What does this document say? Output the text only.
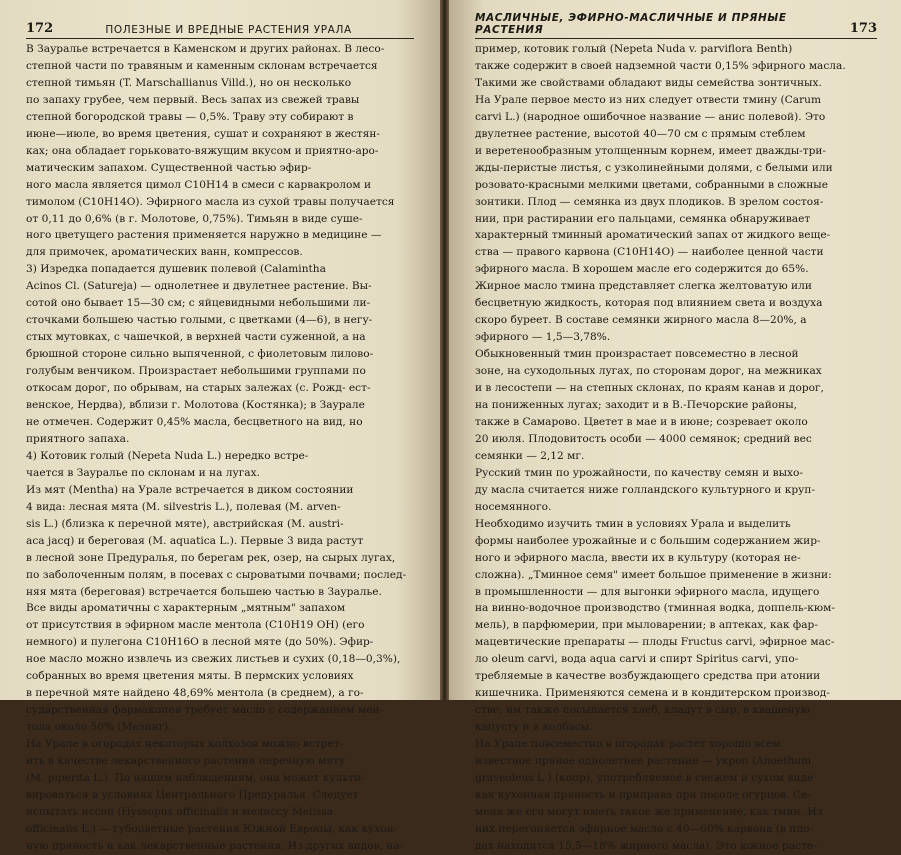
172	ПОЛЕЗНЫЕ И ВРЕДНЫЕ РАСТЕНИЯ УРАЛА
В Зауралье встречается в Каменском и других районах. В лесо-
степной части по травяным и каменным склонам встречается
степной тимьян (T. Marschallianus Villd.), но он несколько
по запаху грубее, чем первый. Весь запах из свежей травы
степной богородской травы — 0,5%. Траву эту собирают в
июне—июле, во время цветения, сушат и сохраняют в жестян-
ках; она обладает горьковато-вяжущим вкусом и приятно-аро-
матическим запахом. Существенной частью эфир-
ного масла является цимол C10H14 в смеси с карвакролом и
тимолом (C10H14O). Эфирного масла из сухой травы получается
от 0,11 до 0,6% (в г. Молотове, 0,75%). Тимьян в виде суше-
ного цветущего растения применяется наружно в медицине —
для примочек, ароматических ванн, компрессов.
3) Изредка попадается душевик полевой (Calamintha
Acinos Cl. (Satureja) — однолетнее и двулетнее растение. Вы-
сотой оно бывает 15—30 см; с яйцевидными небольшими ли-
сточками большею частью голыми, с цветками (4—6), в негу-
стых мутовках, с чашечкой, в верхней части суженной, а на
брюшной стороне сильно выпяченной, с фиолетовым лилово-
голубым венчиком. Произрастает небольшими группами по
откосам дорог, по обрывам, на старых залежах (с. Рожд- ест-
венское, Нердва), вблизи г. Молотова (Костянка); в Заурале
не отмечен. Содержит 0,45% масла, бесцветного на вид, но
приятного запаха.
4) Котовик голый (Nepeta Nuda L.) нередко встре-
чается в Зауралье по склонам и на лугах.
Из мят (Mentha) на Урале встречается в диком состоянии
4 вида: лесная мята (M. silvestris L.), полевая (M. arven-
sis L.) (близка к перечной мяте), австрийская (M. austri-
aca jacq) и береговая (M. aquatica L.). Первые 3 вида растут
в лесной зоне Предуралья, по берегам рек, озер, на сырых лугах,
по заболоченным полям, в посевах с сыроватыми почвами; послед-
няя мята (береговая) встречается большею частью в Зауралье.
Все виды ароматичны с характерным „мятным" запахом
от присутствия в эфирном масле ментола (C10H19 OH) (его
немного) и пулегона C10H16O в лесной мяте (до 50%). Эфир-
ное масло можно извлечь из свежих листьев и сухих (0,18—0,3%),
собранных во время цветения мяты. В пермских условиях
в перечной мяте найдено 48,69% ментола (в среднем), а го-
сударственная фармакопея требует масло с содержанием мен-
тола около 50% (Мезинг).
На Урале в огородах некоторых колхозов можно встрет-
ить в качестве лекарственного растения перечную мяту
(M. piperita L.). По нашим наблюдениям, она может культи-
вироваться в условиях Центрального Предуралья. Следует
испытать иссоп (Hyssopus officinalis и мелиссу Melissa
officinalis L.) — губоцветные растения Южной Европы, как кухон-
ную пряность и как лекарственные растения. Из других видов, на-
МАСЛИЧНЫЕ, ЭФИРНО-МАСЛИЧНЫЕ И ПРЯНЫЕ РАСТЕНИЯ	173
пример, котовик голый (Nepeta Nuda v. parviflora Benth)
также содержит в своей надземной части 0,15% эфирного масла.
Такими же свойствами обладают виды семейства зонтичных.
На Урале первое место из них следует отвести тмину (Carum
carvi L.) (народное ошибочное название — анис полевой). Это
двулетнее растение, высотой 40—70 см с прямым стеблем
и веретенообразным утолщенным корнем, имеет дважды-три-
жды-перистые листья, с узколинейными долями, с белыми или
розовато-красными мелкими цветами, собранными в сложные
зонтики. Плод — семянка из двух плодиков. В зрелом состоя-
нии, при растирании его пальцами, семянка обнаруживает
характерный тминный ароматический запах от жидкого веще-
ства — правого карвона (C10H14O) — наиболее ценной части
эфирного масла. В хорошем масле его содержится до 65%.
Жирное масло тмина представляет слегка желтоватую или
бесцветную жидкость, которая под влиянием света и воздуха
скоро буреет. В составе семянки жирного масла 8—20%, а
эфирного — 1,5—3,78%.
Обыкновенный тмин произрастает повсеместно в лесной
зоне, на суходольных лугах, по сторонам дорог, на межниках
и в лесостепи — на степных склонах, по краям канав и дорог,
на пониженных лугах; заходит и в В.-Печорские районы,
также в Самарово. Цветет в мае и в июне; созревает около
20 июля. Плодовитость особи — 4000 семянок; средний вес
семянки — 2,12 мг.
Русский тмин по урожайности, по качеству семян и выхо-
ду масла считается ниже голландского культурного и круп-
носемянного.
Необходимо изучить тмин в условиях Урала и выделить
формы наиболее урожайные и с большим содержанием жир-
ного и эфирного масла, ввести их в культуру (которая не-
сложна). „Тминное семя" имеет большое применение в жизни:
в промышленности — для выгонки эфирного масла, идущего
на винно-водочное производство (тминная водка, доппель-кюм-
мель), в парфюмерии, при мыловарении; в аптеках, как фар-
мацевтические препараты — плоды Fructus carvi, эфирное мас-
ло oleum carvi, вода aqua carvi и спирт Spiritus carvi, упо-
требляемые в качестве возбуждающего средства при атонии
кишечника. Применяются семена и в кондитерском производ-
стве; им также посыпается хлеб, кладут в сыр, в квашеную
капусту и в колбасы.
На Урале повсеместно в огородах растет хорошо всем
известное пряное однолетнее растение — укроп (Anoethum
graveolens L.) (копр), употребляемое в свежем и сухом виде
как кухонная пряность и приправа при посоле огурцов. Се-
мена же его могут иметь такое же применение, как тмин. Из
них перегоняется эфирное масло с 40—60% карвона (в пло-
дах находится 15,5—18% жирного масла). Это южное расте-
